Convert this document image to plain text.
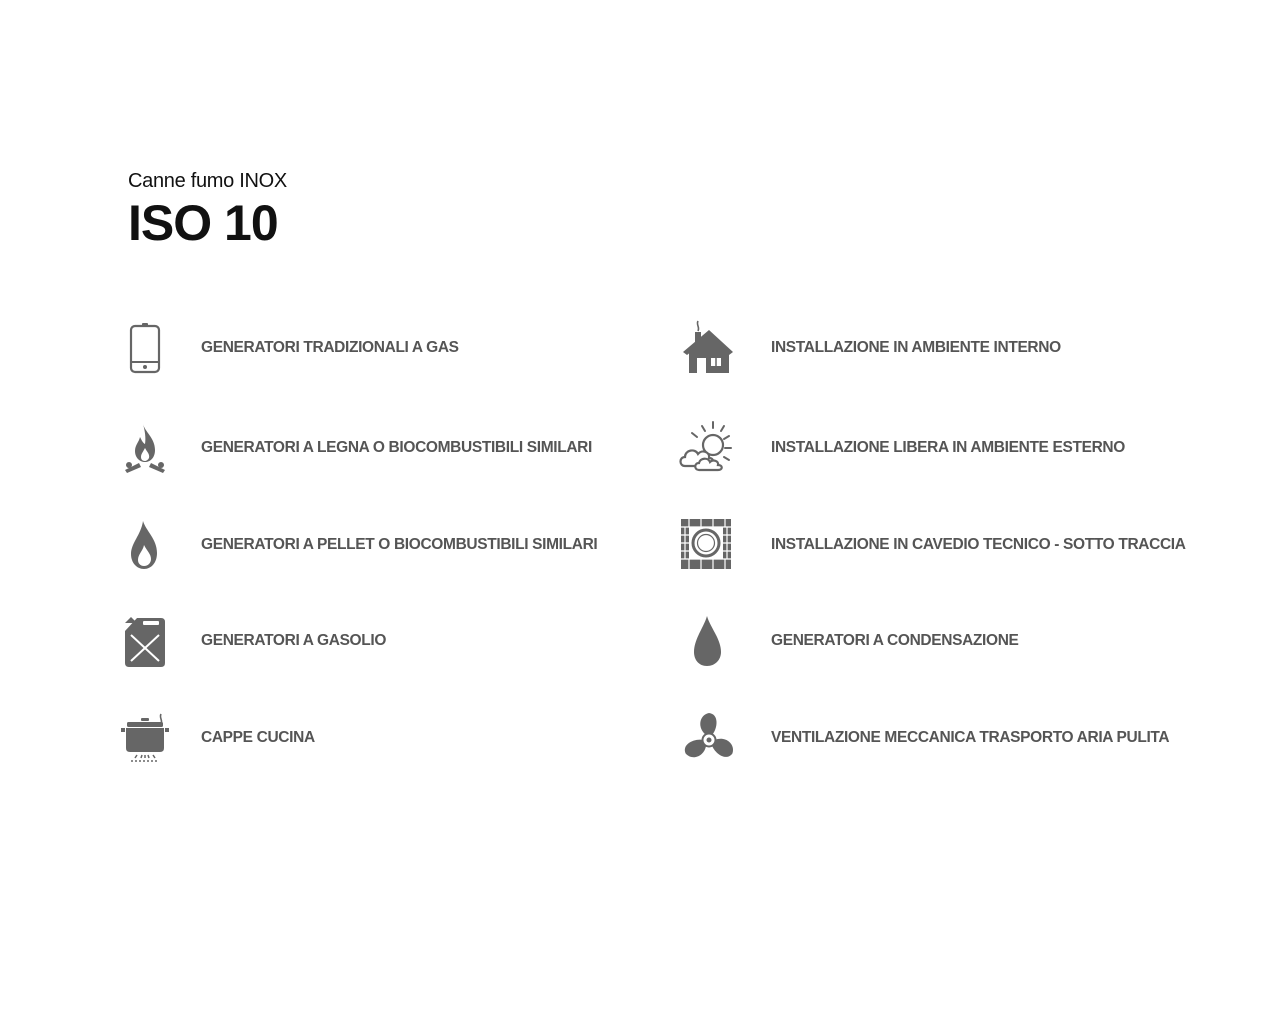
Canne fumo INOX
ISO 10
GENERATORI TRADIZIONALI A GAS
GENERATORI A LEGNA O BIOCOMBUSTIBILI SIMILARI
GENERATORI A PELLET O BIOCOMBUSTIBILI SIMILARI
GENERATORI A GASOLIO
CAPPE CUCINA
INSTALLAZIONE IN AMBIENTE INTERNO
INSTALLAZIONE LIBERA IN AMBIENTE ESTERNO
INSTALLAZIONE IN CAVEDIO TECNICO - SOTTO TRACCIA
GENERATORI A CONDENSAZIONE
VENTILAZIONE MECCANICA TRASPORTO ARIA PULITA
